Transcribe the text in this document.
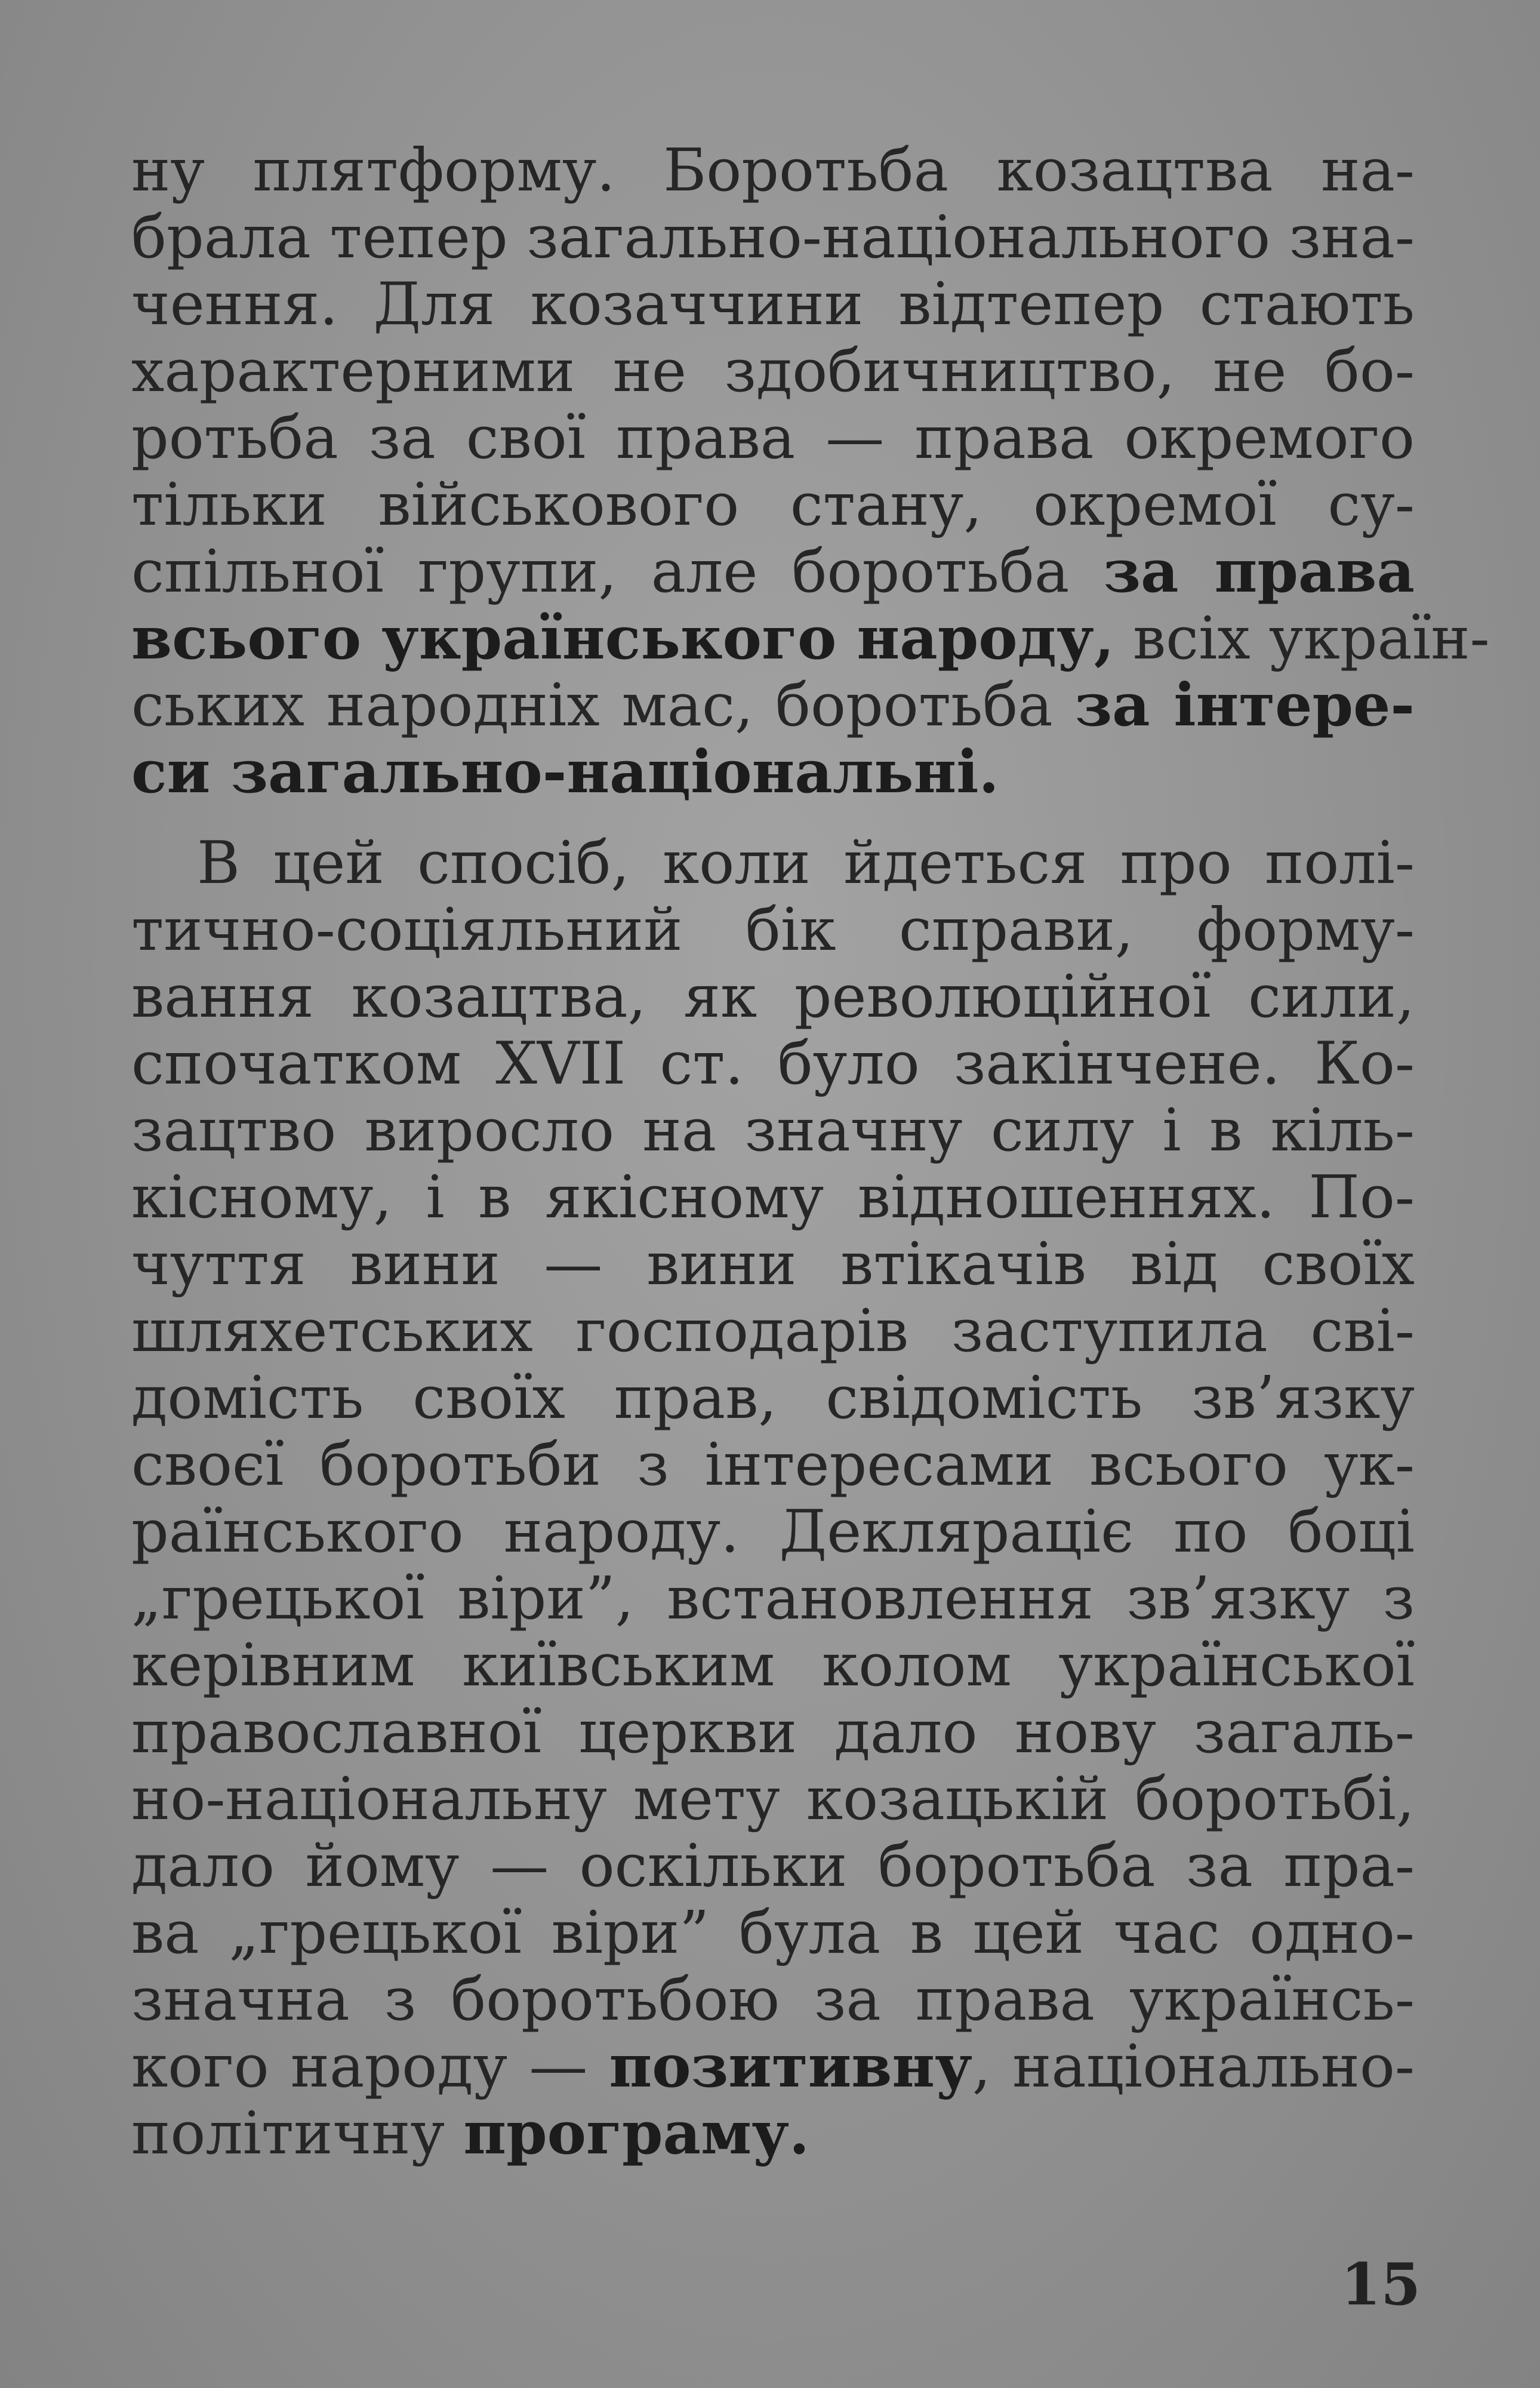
ну плятформу. Боротьба козацтва на-
брала тепер загально-національного зна-
чення. Для козаччини відтепер стають
характерними не здобичництво, не бо-
ротьба за свої права — права окремого
тільки військового стану, окремої су-
спільної групи, але боротьба за права
всього українського народу, всіх україн-
ських народніх мас, боротьба за інтере-
си загально-національні.
В цей спосіб, коли йдеться про полі-
тично-соціяльний бік справи, форму-
вання козацтва, як революційної сили,
спочатком XVII ст. було закінчене. Ко-
зацтво виросло на значну силу і в кіль-
кісному, і в якісному відношеннях. По-
чуття вини — вини втікачів від своїх
шляхетських господарів заступила сві-
домість своїх прав, свідомість зв’язку
своєї боротьби з інтересами всього ук-
раїнського народу. Декляраціє по боці
„грецької віри”, встановлення зв’язку з
керівним київським колом української
православної церкви дало нову загаль-
но-національну мету козацькій боротьбі,
дало йому — оскільки боротьба за пра-
ва „грецької віри” була в цей час одно-
значна з боротьбою за права українсь-
кого народу — позитивну, національно-
політичну програму.
15
